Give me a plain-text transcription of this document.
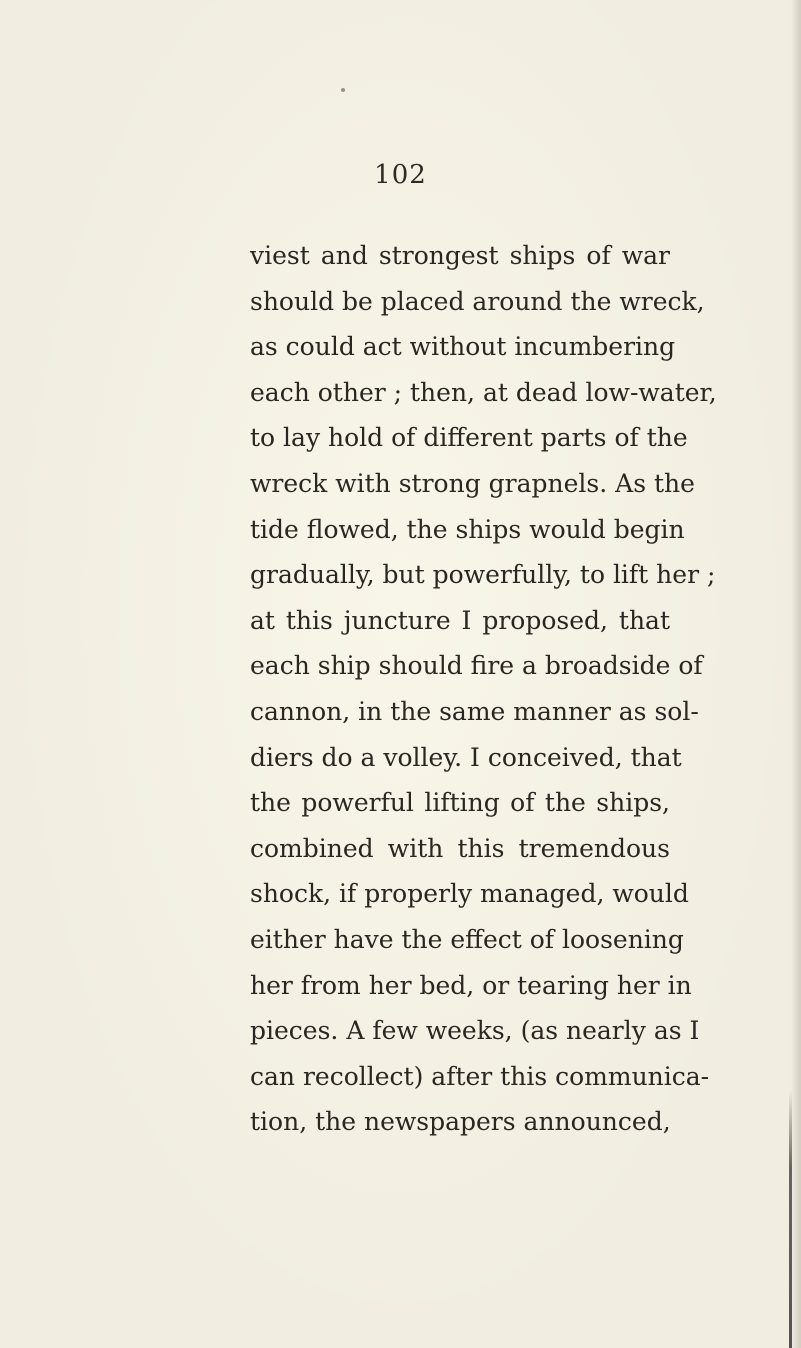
102
viest and strongest ships of war
should be placed around the wreck,
as could act without incumbering
each other ; then, at dead low-water,
to lay hold of different parts of the
wreck with strong grapnels. As the
tide flowed, the ships would begin
gradually, but powerfully, to lift her ;
at this juncture I proposed, that
each ship should fire a broadside of
cannon, in the same manner as sol-
diers do a volley. I conceived, that
the powerful lifting of the ships,
combined with this tremendous
shock, if properly managed, would
either have the effect of loosening
her from her bed, or tearing her in
pieces. A few weeks, (as nearly as I
can recollect) after this communica-
tion, the newspapers announced,
